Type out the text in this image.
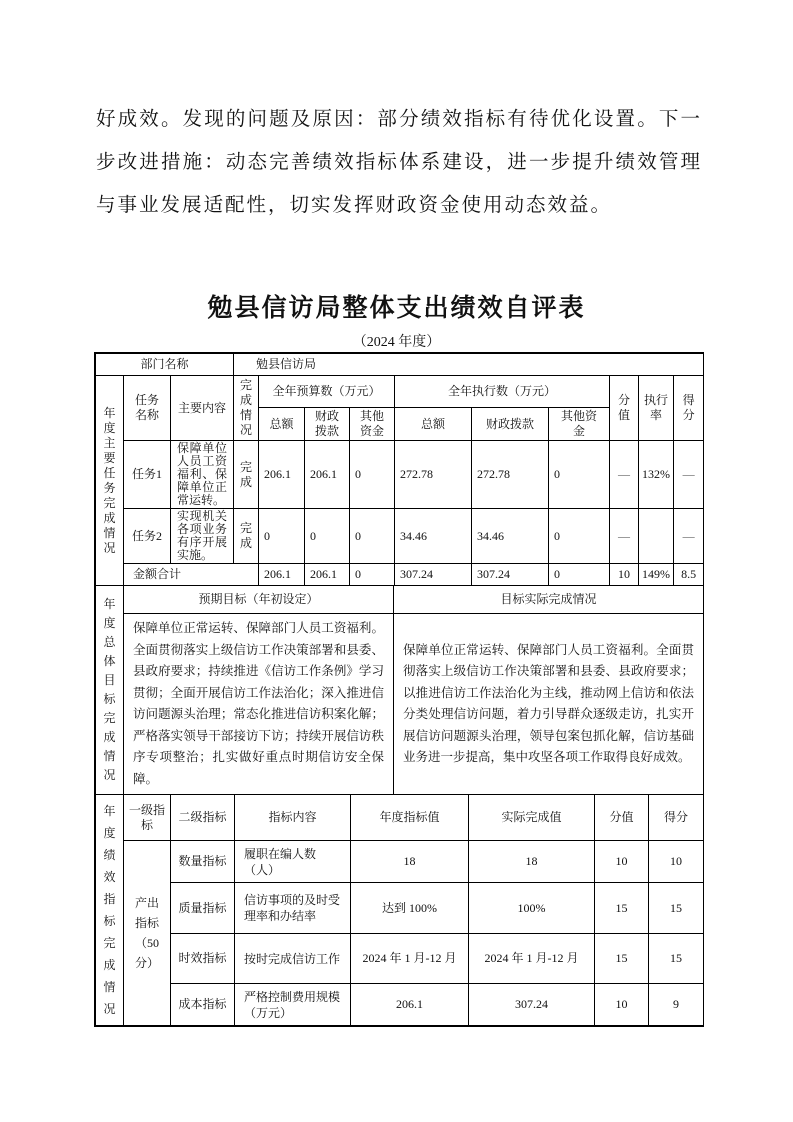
好成效。发现的问题及原因：部分绩效指标有待优化设置。下一步改进措施：动态完善绩效指标体系建设，进一步提升绩效管理与事业发展适配性，切实发挥财政资金使用动态效益。

勉县信访局整体支出绩效自评表
（2024 年度）
部门名称			勉县信访局									
年度主要任务完成情况	任务名称	主要内容	完成情况	全年预算数（万元）			全年执行数（万元）			分值	执行率	得分
				总额	财政拨款	其他资金	总额	财政拨款	其他资金			
	任务1	保障单位人员工资福利、保障单位正常运转。	完成	206.1	206.1	0	272.78	272.78	0	—	132%	—
	任务2	实现机关各项业务有序开展实施。	完成	0	0	0	34.46	34.46	0	—		—
	金额合计			206.1	206.1	0	307.24	307.24	0	10	149%	8.5
年度总体目标完成情况	预期目标（年初设定）	目标实际完成情况
	保障单位正常运转、保障部门人员工资福利。全面贯彻落实上级信访工作决策部署和县委、县政府要求；持续推进《信访工作条例》学习贯彻；全面开展信访工作法治化；深入推进信访问题源头治理；常态化推进信访积案化解；严格落实领导干部接访下访；持续开展信访秩序专项整治；扎实做好重点时期信访安全保障。	保障单位正常运转、保障部门人员工资福利。全面贯彻落实上级信访工作决策部署和县委、县政府要求；以推进信访工作法治化为主线，推动网上信访和依法分类处理信访问题，着力引导群众逐级走访，扎实开展信访问题源头治理，领导包案包抓化解，信访基础业务进一步提高，集中攻坚各项工作取得良好成效。
年度绩效指标完成情况	一级指标	二级指标	指标内容	年度指标值	实际完成值	分值	得分
	产出指标（50分）	数量指标	履职在编人数（人）	18	18	10	10
		质量指标	信访事项的及时受理率和办结率	达到 100%	100%	15	15
		时效指标	按时完成信访工作	2024 年 1 月-12 月	2024 年 1 月-12 月	15	15
		成本指标	严格控制费用规模（万元）	206.1	307.24	10	9
